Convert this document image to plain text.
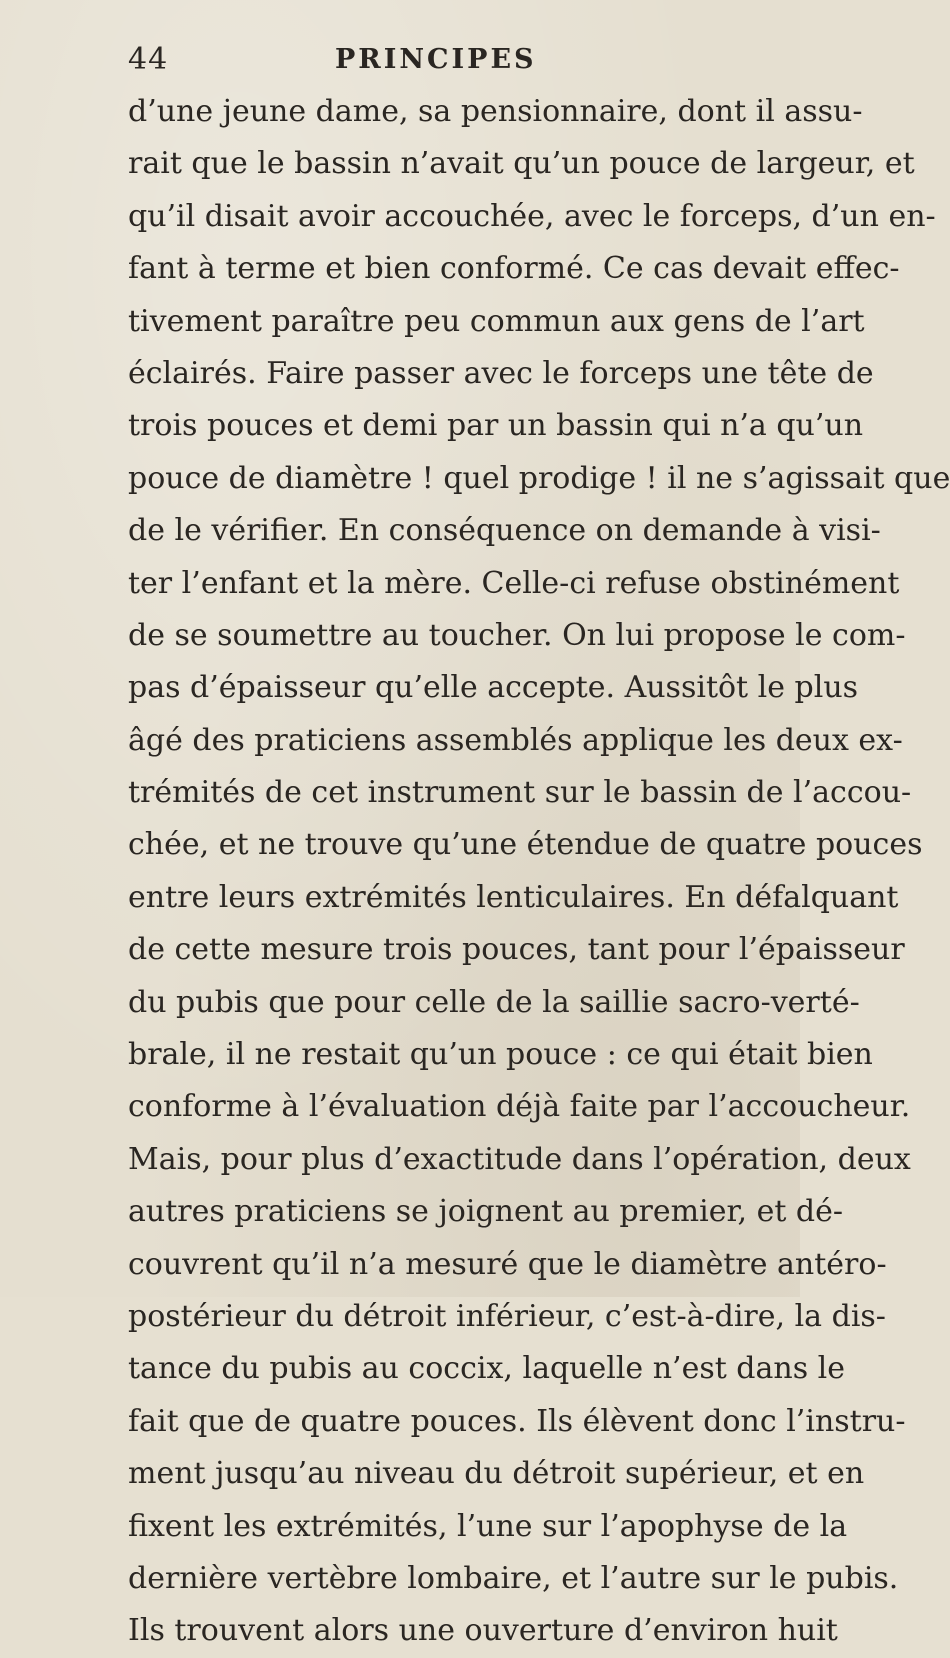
44	PRINCIPES
d’une jeune dame, sa pensionnaire, dont il assu-
rait que le bassin n’avait qu’un pouce de largeur, et
qu’il disait avoir accouchée, avec le forceps, d’un en-
fant à terme et bien conformé. Ce cas devait effec-
tivement paraître peu commun aux gens de l’art
éclairés. Faire passer avec le forceps une tête de
trois pouces et demi par un bassin qui n’a qu’un
pouce de diamètre ! quel prodige ! il ne s’agissait que
de le vérifier. En conséquence on demande à visi-
ter l’enfant et la mère. Celle-ci refuse obstinément
de se soumettre au toucher. On lui propose le com-
pas d’épaisseur qu’elle accepte. Aussitôt le plus
âgé des praticiens assemblés applique les deux ex-
trémités de cet instrument sur le bassin de l’accou-
chée, et ne trouve qu’une étendue de quatre pouces
entre leurs extrémités lenticulaires. En défalquant
de cette mesure trois pouces, tant pour l’épaisseur
du pubis que pour celle de la saillie sacro-verté-
brale, il ne restait qu’un pouce : ce qui était bien
conforme à l’évaluation déjà faite par l’accoucheur.
Mais, pour plus d’exactitude dans l’opération, deux
autres praticiens se joignent au premier, et dé-
couvrent qu’il n’a mesuré que le diamètre antéro-
postérieur du détroit inférieur, c’est-à-dire, la dis-
tance du pubis au coccix, laquelle n’est dans le
fait que de quatre pouces. Ils élèvent donc l’instru-
ment jusqu’au niveau du détroit supérieur, et en
fixent les extrémités, l’une sur l’apophyse de la
dernière vertèbre lombaire, et l’autre sur le pubis.
Ils trouvent alors une ouverture d’environ huit
